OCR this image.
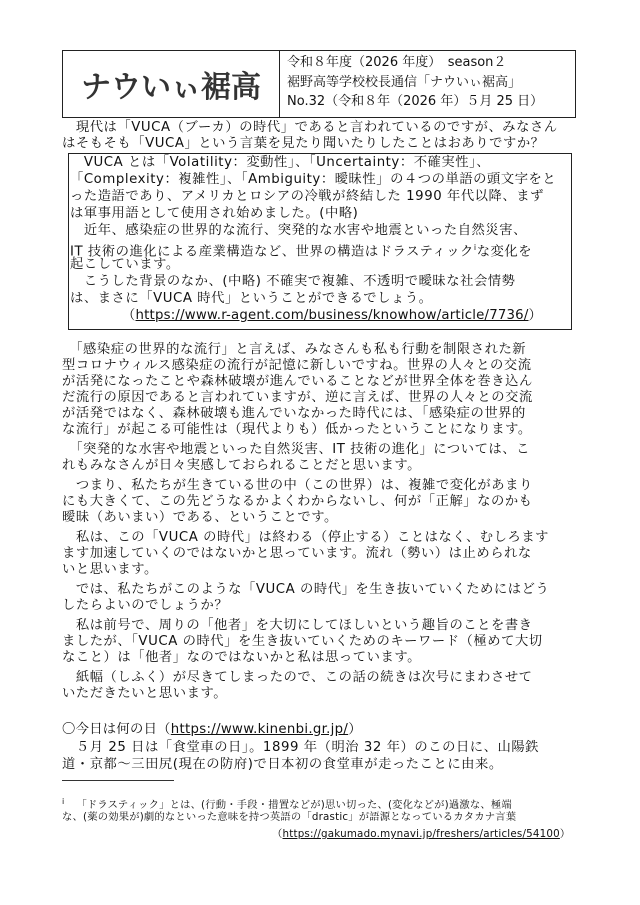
ナウいぃ裾高
令和８年度（2026 年度）　season２
裾野高等学校校長通信「ナウいぃ裾高」
No.32（令和８年（2026 年）５月 25 日）
　現代は「VUCA（ブーカ）の時代」であると言われているのですが、みなさん
はそもそも「VUCA」という言葉を見たり聞いたりしたことはおありですか？
　VUCA とは「Volatility：変動性」、「Uncertainty：不確実性」、
「Complexity：複雑性」、「Ambiguity：曖昧性」の４つの単語の頭文字をと
った造語であり、アメリカとロシアの冷戦が終結した 1990 年代以降、まず
は軍事用語として使用され始めました。(中略)
　近年、感染症の世界的な流行、突発的な水害や地震といった自然災害、
IT 技術の進化による産業構造など、世界の構造はドラスティック$^i$な変化を
起こしています。
　こうした背景のなか、(中略) 不確実で複雑、不透明で曖昧な社会情勢
は、まさに「VUCA 時代」ということができるでしょう。
（https://www.r-agent.com/business/knowhow/article/7736/）
　「感染症の世界的な流行」と言えば、みなさんも私も行動を制限された新
型コロナウィルス感染症の流行が記憶に新しいですね。世界の人々との交流
が活発になったことや森林破壊が進んでいることなどが世界全体を巻き込ん
だ流行の原因であると言われていますが、逆に言えば、世界の人々との交流
が活発ではなく、森林破壊も進んでいなかった時代には、「感染症の世界的
な流行」が起こる可能性は（現代よりも）低かったということになります。
　「突発的な水害や地震といった自然災害、IT 技術の進化」については、こ
れもみなさんが日々実感しておられることだと思います。
　つまり、私たちが生きている世の中（この世界）は、複雑で変化があまり
にも大きくて、この先どうなるかよくわからないし、何が「正解」なのかも
曖昧（あいまい）である、ということです。
　私は、この「VUCA の時代」は終わる（停止する）ことはなく、むしろます
ます加速していくのではないかと思っています。流れ（勢い）は止められな
いと思います。
　では、私たちがこのような「VUCA の時代」を生き抜いていくためにはどう
したらよいのでしょうか？
　私は前号で、周りの「他者」を大切にしてほしいという趣旨のことを書き
ましたが、「VUCA の時代」を生き抜いていくためのキーワード（極めて大切
なこと）は「他者」なのではないかと私は思っています。
　紙幅（しふく）が尽きてしまったので、この話の続きは次号にまわさせて
いただきたいと思います。
〇今日は何の日（https://www.kinenbi.gr.jp/）
　５月 25 日は「食堂車の日」。1899 年（明治 32 年）のこの日に、山陽鉄
道・京都～三田尻(現在の防府)で日本初の食堂車が走ったことに由来。
$^i$ 「ドラスティック」とは、(行動・手段・措置などが)思い切った、(変化などが)過激な、極端
な、(薬の効果が)劇的なといった意味を持つ英語の「drastic」が語源となっているカタカナ言葉
（https://gakumado.mynavi.jp/freshers/articles/54100）
